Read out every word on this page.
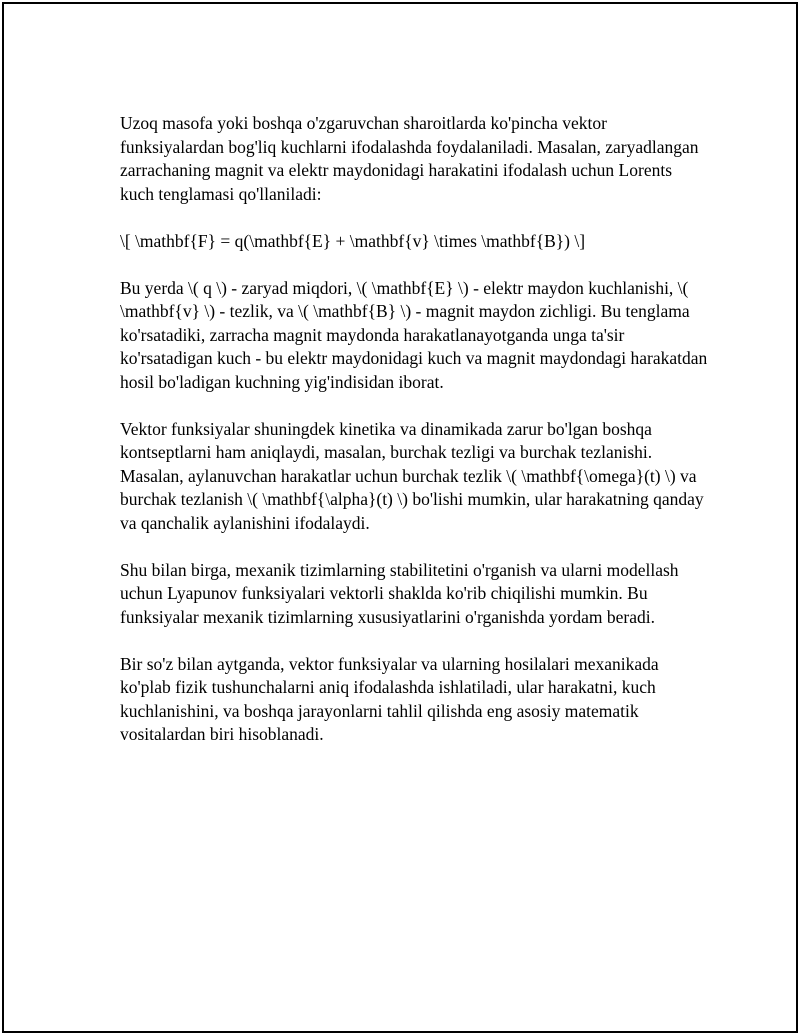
Uzoq masofa yoki boshqa o'zgaruvchan sharoitlarda ko'pincha vektor funksiyalardan bog'liq kuchlarni ifodalashda foydalaniladi. Masalan, zaryadlangan zarrachaning magnit va elektr maydonidagi harakatini ifodalash uchun Lorents kuch tenglamasi qo'llaniladi:

\[ \mathbf{F} = q(\mathbf{E} + \mathbf{v} \times \mathbf{B}) \]

Bu yerda \( q \) - zaryad miqdori, \( \mathbf{E} \) - elektr maydon kuchlanishi, \( \mathbf{v} \) - tezlik, va \( \mathbf{B} \) - magnit maydon zichligi. Bu tenglama ko'rsatadiki, zarracha magnit maydonda harakatlanayotganda unga ta'sir ko'rsatadigan kuch - bu elektr maydonidagi kuch va magnit maydondagi harakatdan hosil bo'ladigan kuchning yig'indisidan iborat.

Vektor funksiyalar shuningdek kinetika va dinamikada zarur bo'lgan boshqa kontseptlarni ham aniqlaydi, masalan, burchak tezligi va burchak tezlanishi. Masalan, aylanuvchan harakatlar uchun burchak tezlik \( \mathbf{\omega}(t) \) va burchak tezlanish \( \mathbf{\alpha}(t) \) bo'lishi mumkin, ular harakatning qanday va qanchalik aylanishini ifodalaydi.

Shu bilan birga, mexanik tizimlarning stabilitetini o'rganish va ularni modellash uchun Lyapunov funksiyalari vektorli shaklda ko'rib chiqilishi mumkin. Bu funksiyalar mexanik tizimlarning xususiyatlarini o'rganishda yordam beradi.

Bir so'z bilan aytganda, vektor funksiyalar va ularning hosilalari mexanikada ko'plab fizik tushunchalarni aniq ifodalashda ishlatiladi, ular harakatni, kuch kuchlanishini, va boshqa jarayonlarni tahlil qilishda eng asosiy matematik vositalardan biri hisoblanadi.
